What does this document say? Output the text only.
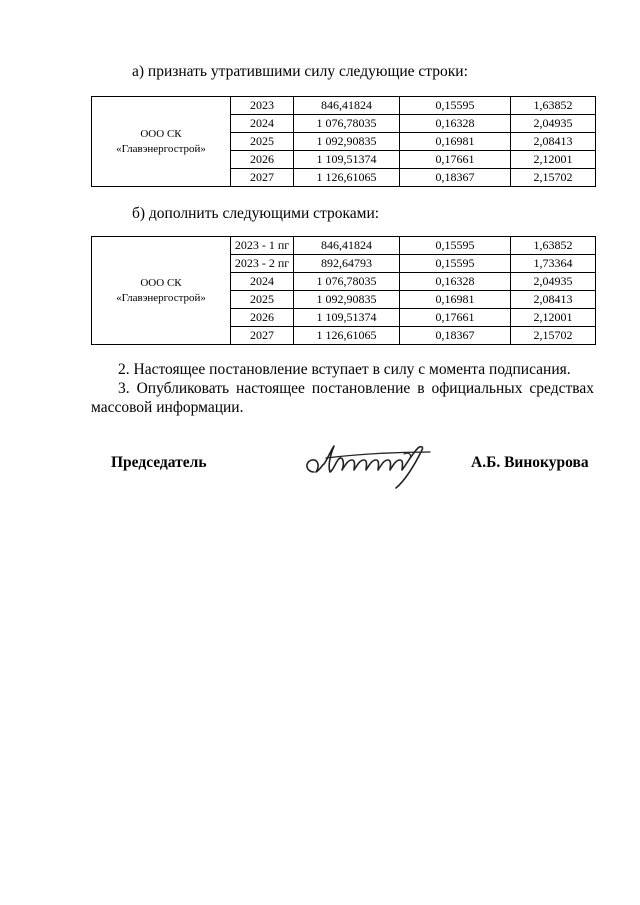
а) признать утратившими силу следующие строки:

ООО СК
«Главэнергострой»	2023	846,41824	0,15595	1,63852
	2024	1 076,78035	0,16328	2,04935
	2025	1 092,90835	0,16981	2,08413
	2026	1 109,51374	0,17661	2,12001
	2027	1 126,61065	0,18367	2,15702

б) дополнить следующими строками:

ООО СК
«Главэнергострой»	2023 - 1 пг	846,41824	0,15595	1,63852
	2023 - 2 пг	892,64793	0,15595	1,73364
	2024	1 076,78035	0,16328	2,04935
	2025	1 092,90835	0,16981	2,08413
	2026	1 109,51374	0,17661	2,12001
	2027	1 126,61065	0,18367	2,15702

2. Настоящее постановление вступает в силу с момента подписания.

3. Опубликовать настоящее постановление в официальных средствах

массовой информации.

Председатель	А.Б. Винокурова
